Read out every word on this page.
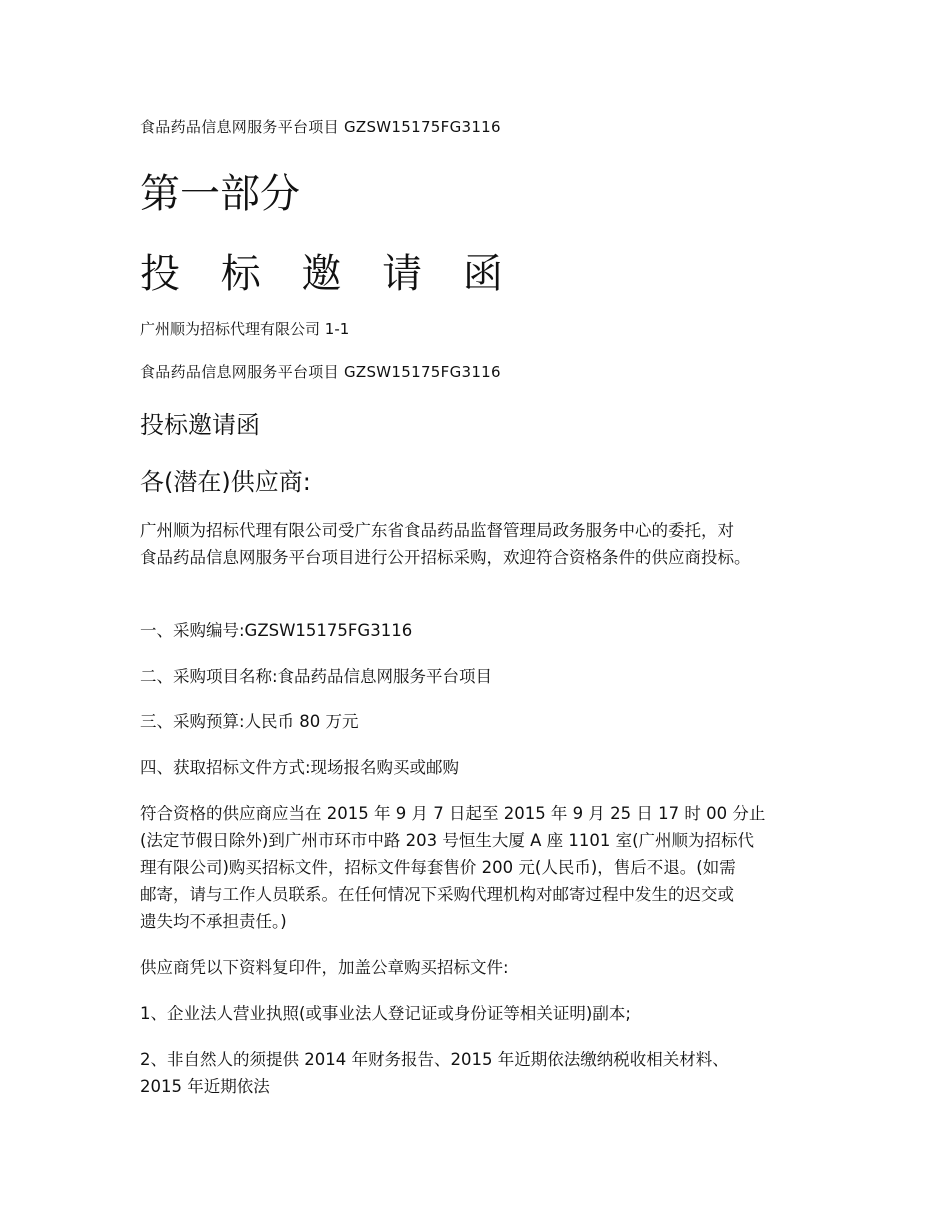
食品药品信息网服务平台项目 GZSW15175FG3116

第一部分
投 标 邀 请 函

广州顺为招标代理有限公司 1-1

食品药品信息网服务平台项目 GZSW15175FG3116

投标邀请函
各(潜在)供应商:

广州顺为招标代理有限公司受广东省食品药品监督管理局政务服务中心的委托，对

食品药品信息网服务平台项目进行公开招标采购，欢迎符合资格条件的供应商投标。

一、采购编号:GZSW15175FG3116

二、采购项目名称:食品药品信息网服务平台项目

三、采购预算:人民币 80 万元

四、获取招标文件方式:现场报名购买或邮购

符合资格的供应商应当在 2015 年 9 月 7 日起至 2015 年 9 月 25 日 17 时 00 分止

(法定节假日除外)到广州市环市中路 203 号恒生大厦 A 座 1101 室(广州顺为招标代

理有限公司)购买招标文件，招标文件每套售价 200 元(人民币)，售后不退。(如需

邮寄，请与工作人员联系。在任何情况下采购代理机构对邮寄过程中发生的迟交或

遗失均不承担责任。)

供应商凭以下资料复印件，加盖公章购买招标文件:

1、企业法人营业执照(或事业法人登记证或身份证等相关证明)副本;

2、非自然人的须提供 2014 年财务报告、2015 年近期依法缴纳税收相关材料、

2015 年近期依法
